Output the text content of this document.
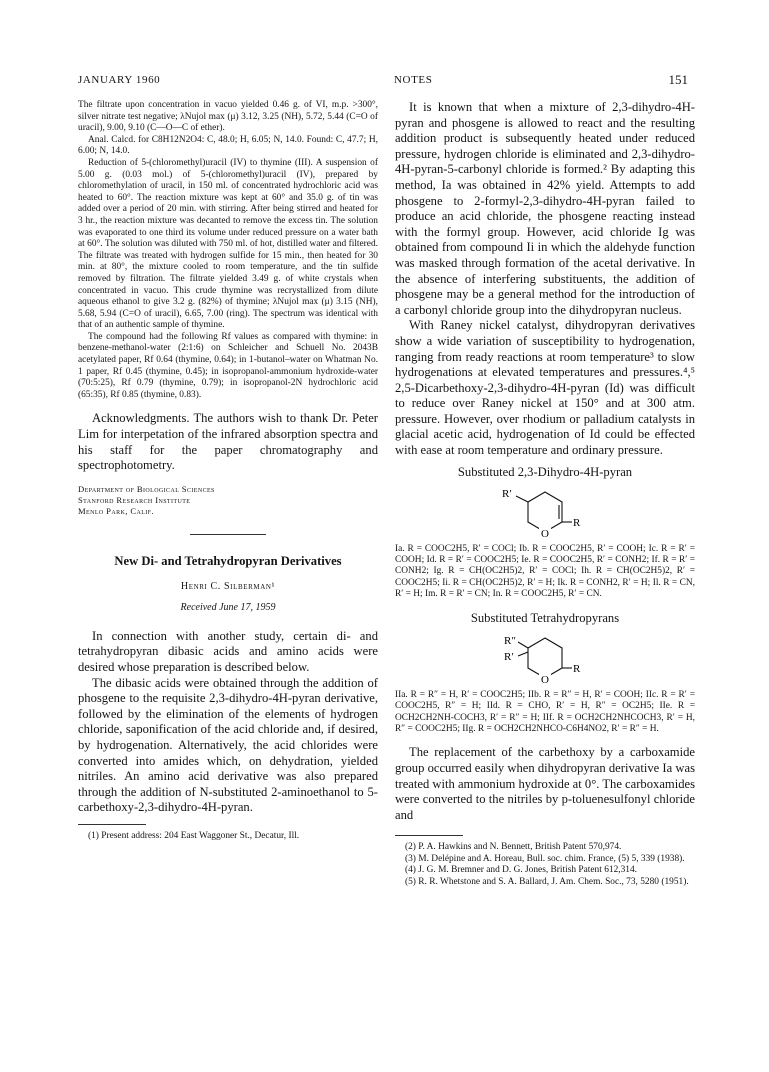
JANUARY 1960	NOTES	151

The filtrate upon concentration in vacuo yielded 0.46 g. of VI, m.p. >300°, silver nitrate test negative; λNujol max (μ) 3.12, 3.25 (NH), 5.72, 5.44 (C=O of uracil), 9.00, 9.10 (C—O—C of ether).

Anal. Calcd. for C8H12N2O4: C, 48.0; H, 6.05; N, 14.0. Found: C, 47.7; H, 6.00; N, 14.0.

Reduction of 5-(chloromethyl)uracil (IV) to thymine (III). A suspension of 5.00 g. (0.03 mol.) of 5-(chloromethyl)uracil (IV), prepared by chloromethylation of uracil, in 150 ml. of concentrated hydrochloric acid was heated to 60°. The reaction mixture was kept at 60° and 35.0 g. of tin was added over a period of 20 min. with stirring. After being stirred and heated for 3 hr., the reaction mixture was decanted to remove the excess tin. The solution was evaporated to one third its volume under reduced pressure on a water bath at 60°. The solution was diluted with 750 ml. of hot, distilled water and filtered. The filtrate was treated with hydrogen sulfide for 15 min., then heated for 30 min. at 80°, the mixture cooled to room temperature, and the tin sulfide removed by filtration. The filtrate yielded 3.49 g. of white crystals when concentrated in vacuo. This crude thymine was recrystallized from dilute aqueous ethanol to give 3.2 g. (82%) of thymine; λNujol max (μ) 3.15 (NH), 5.68, 5.94 (C=O of uracil), 6.65, 7.00 (ring). The spectrum was identical with that of an authentic sample of thymine.

The compound had the following Rf values as compared with thymine: in benzene-methanol-water (2:1:6) on Schleicher and Schuell No. 2043B acetylated paper, Rf 0.64 (thymine, 0.64); in 1-butanol–water on Whatman No. 1 paper, Rf 0.45 (thymine, 0.45); in isopropanol-ammonium hydroxide-water (70:5:25), Rf 0.79 (thymine, 0.79); in isopropanol-2N hydrochloric acid (65:35), Rf 0.85 (thymine, 0.83).

Acknowledgments. The authors wish to thank Dr. Peter Lim for interpetation of the infrared absorption spectra and his staff for the paper chromatography and spectrophotometry.

Department of Biological Sciences
Stanford Research Institute
Menlo Park, Calif.
New Di- and Tetrahydropyran Derivatives
Henri C. Silberman¹
Received June 17, 1959

In connection with another study, certain di- and tetrahydropyran dibasic acids and amino acids were desired whose preparation is described below.

The dibasic acids were obtained through the addition of phosgene to the requisite 2,3-dihydro-4H-pyran derivative, followed by the elimination of the elements of hydrogen chloride, saponification of the acid chloride and, if desired, by hydrogenation. Alternatively, the acid chlorides were converted into amides which, on dehydration, yielded nitriles. An amino acid derivative was also prepared through the addition of N-substituted 2-aminoethanol to 5-carbethoxy-2,3-dihydro-4H-pyran.

(1) Present address: 204 East Waggoner St., Decatur, Ill.

It is known that when a mixture of 2,3-dihydro-4H-pyran and phosgene is allowed to react and the resulting addition product is subsequently heated under reduced pressure, hydrogen chloride is eliminated and 2,3-dihydro-4H-pyran-5-carbonyl chloride is formed.² By adapting this method, Ia was obtained in 42% yield. Attempts to add phosgene to 2-formyl-2,3-dihydro-4H-pyran failed to produce an acid chloride, the phosgene reacting instead with the formyl group. However, acid chloride Ig was obtained from compound Ii in which the aldehyde function was masked through formation of the acetal derivative. In the absence of interfering substituents, the addition of phosgene may be a general method for the introduction of a carbonyl chloride group into the dihydropyran nucleus.

With Raney nickel catalyst, dihydropyran derivatives show a wide variation of susceptibility to hydrogenation, ranging from ready reactions at room temperature³ to slow hydrogenations at elevated temperatures and pressures.⁴,⁵ 2,5-Dicarbethoxy-2,3-dihydro-4H-pyran (Id) was difficult to reduce over Raney nickel at 150° and at 300 atm. pressure. However, over rhodium or palladium catalysts in glacial acetic acid, hydrogenation of Id could be effected with ease at room temperature and ordinary pressure.

Substituted 2,3-Dihydro-4H-pyran
R′
O
R
Ia. R = COOC2H5, R′ = COCl; Ib. R = COOC2H5, R′ = COOH; Ic. R = R′ = COOH; Id. R = R′ = COOC2H5; Ie. R = COOC2H5, R′ = CONH2; If. R = R′ = CONH2; Ig. R = CH(OC2H5)2, R′ = COCl; Ih. R = CH(OC2H5)2, R′ = COOC2H5; Ii. R = CH(OC2H5)2, R′ = H; Ik. R = CONH2, R′ = H; Il. R = CN, R′ = H; Im. R = R′ = CN; In. R = COOC2H5, R′ = CN.
Substituted Tetrahydropyrans
R″
R′
O
R
IIa. R = R″ = H, R′ = COOC2H5; IIb. R = R″ = H, R′ = COOH; IIc. R = R′ = COOC2H5, R″ = H; IId. R = CHO, R′ = H, R″ = OC2H5; IIe. R = OCH2CH2NH-COCH3, R′ = R″ = H; IIf. R = OCH2CH2NHCOCH3, R′ = H, R″ = COOC2H5; IIg. R = OCH2CH2NHCO-C6H4NO2, R′ = R″ = H.

The replacement of the carbethoxy by a carboxamide group occurred easily when dihydropyran derivative Ia was treated with ammonium hydroxide at 0°. The carboxamides were converted to the nitriles by p-toluenesulfonyl chloride and

(2) P. A. Hawkins and N. Bennett, British Patent 570,974.

(3) M. Delépine and A. Horeau, Bull. soc. chim. France, (5) 5, 339 (1938).

(4) J. G. M. Bremner and D. G. Jones, British Patent 612,314.

(5) R. R. Whetstone and S. A. Ballard, J. Am. Chem. Soc., 73, 5280 (1951).
